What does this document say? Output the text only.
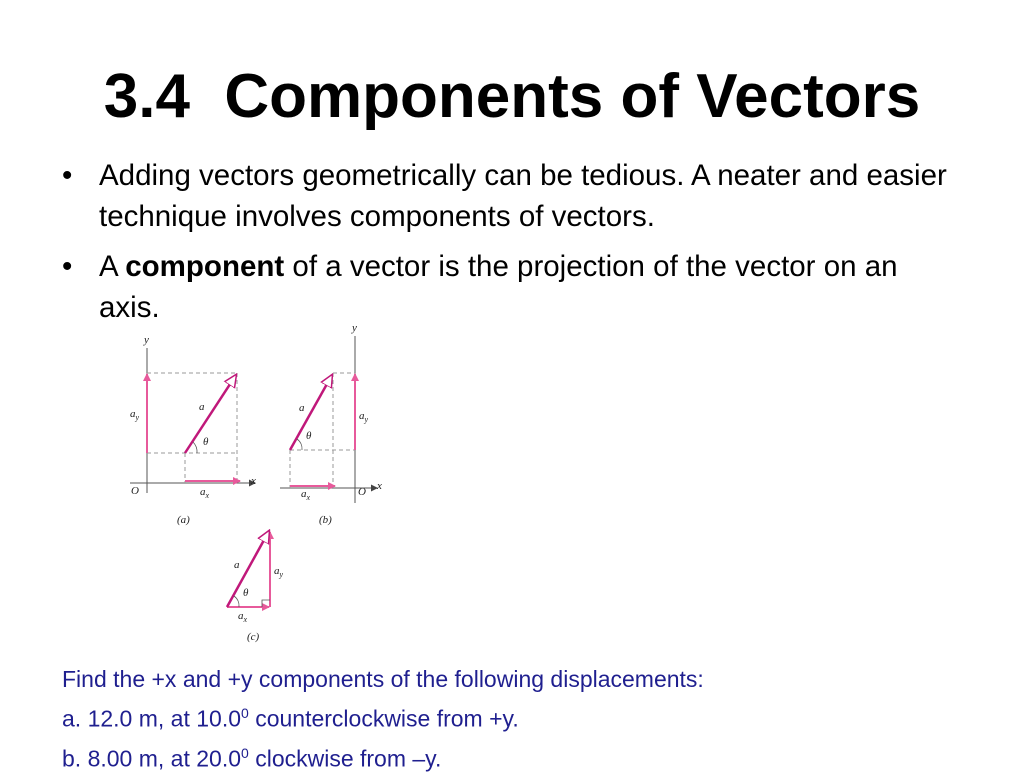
3.4  Components of Vectors
• Adding vectors geometrically can be tedious. A neater and easier technique involves components of vectors.
• A component of a vector is the projection of the vector on an axis.
y
x
O
$a_y$
$a_x$
a⃗
θ
(a)
y
x
O
$a_y$
$a_x$
a⃗
θ
(b)
a⃗ $a_y$
θ
$a_x$
(c)
Find the +x and +y components of the following displacements:
a. 12.0 m, at 10.0$^0$ counterclockwise from +y.
b. 8.00 m, at 20.0$^0$ clockwise from –y.
